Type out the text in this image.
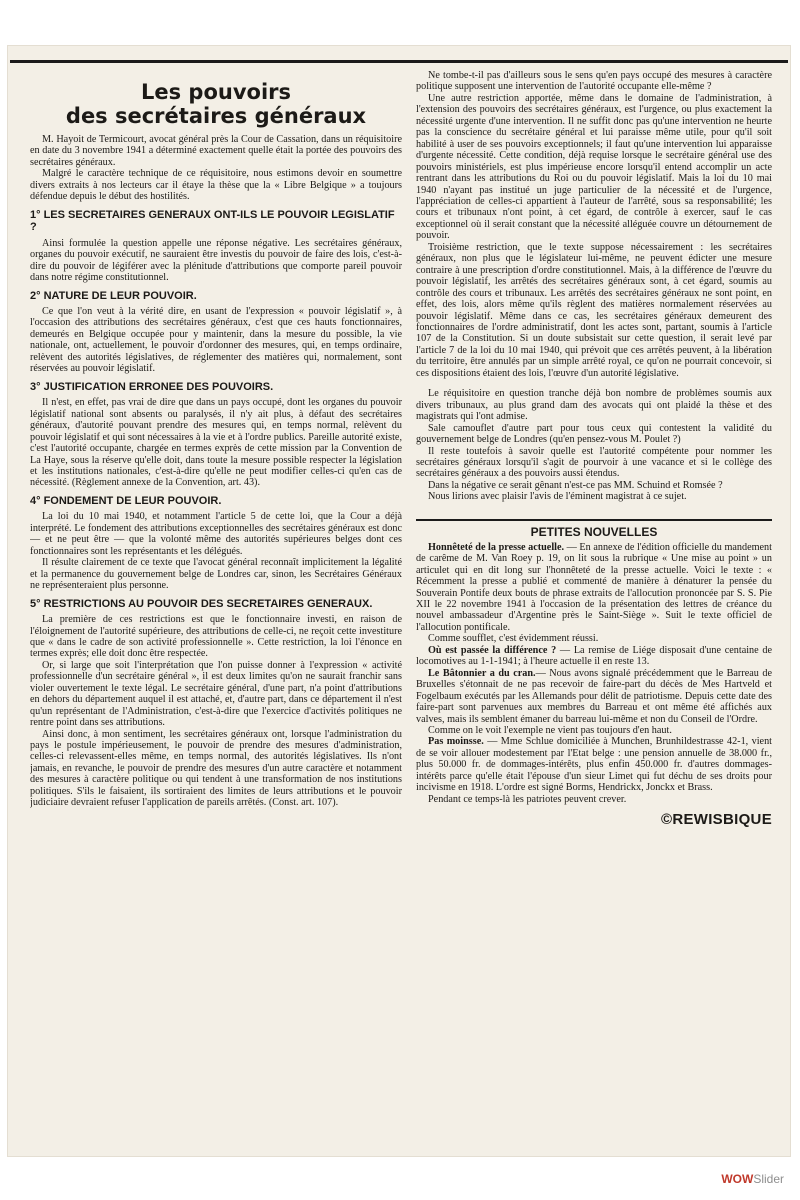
Les pouvoirs
des secrétaires généraux

M. Hayoit de Termicourt, avocat général près la Cour de Cassation, dans un réquisitoire en date du 3 novembre 1941 a déterminé exactement quelle était la portée des pouvoirs des secrétaires généraux.

Malgré le caractère technique de ce réquisitoire, nous estimons devoir en soumettre divers extraits à nos lecteurs car il étaye la thèse que la « Libre Belgique » a toujours défendue depuis le début des hostilités.

1° LES SECRETAIRES GENERAUX ONT-ILS LE POUVOIR LEGISLATIF ?

Ainsi formulée la question appelle une réponse négative. Les secrétaires généraux, organes du pouvoir exécutif, ne sauraient être investis du pouvoir de faire des lois, c'est-à-dire du pouvoir de légiférer avec la plénitude d'attributions que comporte pareil pouvoir dans notre régime constitutionnel.

2° NATURE DE LEUR POUVOIR.

Ce que l'on veut à la vérité dire, en usant de l'expression « pouvoir législatif », à l'occasion des attributions des secrétaires généraux, c'est que ces hauts fonctionnaires, demeurés en Belgique occupée pour y maintenir, dans la mesure du possible, la vie nationale, ont, actuellement, le pouvoir d'ordonner des mesures, qui, en temps ordinaire, relèvent des autorités législatives, de réglementer des matières qui, normalement, sont réservées au pouvoir législatif.

3° JUSTIFICATION ERRONEE DES POUVOIRS.

Il n'est, en effet, pas vrai de dire que dans un pays occupé, dont les organes du pouvoir législatif national sont absents ou paralysés, il n'y ait plus, à défaut des secrétaires généraux, d'autorité pouvant prendre des mesures qui, en temps normal, relèvent du pouvoir législatif et qui sont nécessaires à la vie et à l'ordre publics. Pareille autorité existe, c'est l'autorité occupante, chargée en termes exprès de cette mission par la Convention de La Haye, sous la réserve qu'elle doit, dans toute la mesure possible respecter la législation et les institutions nationales, c'est-à-dire qu'elle ne peut modifier celles-ci qu'en cas de nécessité. (Règlement annexe de la Convention, art. 43).

4° FONDEMENT DE LEUR POUVOIR.

La loi du 10 mai 1940, et notamment l'article 5 de cette loi, que la Cour a déjà interprété. Le fondement des attributions exceptionnelles des secrétaires généraux est donc — et ne peut être — que la volonté même des autorités supérieures belges dont ces fonctionnaires sont les représentants et les délégués.

Il résulte clairement de ce texte que l'avocat général reconnaît implicitement la légalité et la permanence du gouvernement belge de Londres car, sinon, les Secrétaires Généraux ne représenteraient plus personne.

5° RESTRICTIONS AU POUVOIR DES SECRETAIRES GENERAUX.

La première de ces restrictions est que le fonctionnaire investi, en raison de l'éloignement de l'autorité supérieure, des attributions de celle-ci, ne reçoit cette investiture que « dans le cadre de son activité professionnelle ». Cette restriction, la loi l'énonce en termes exprès; elle doit donc être respectée.

Or, si large que soit l'interprétation que l'on puisse donner à l'expression « activité professionnelle d'un secrétaire général », il est deux limites qu'on ne saurait franchir sans violer ouvertement le texte légal. Le secrétaire général, d'une part, n'a point d'attributions en dehors du département auquel il est attaché, et, d'autre part, dans ce département il n'est qu'un représentant de l'Administration, c'est-à-dire que l'exercice d'activités politiques ne rentre point dans ses attributions.

Ainsi donc, à mon sentiment, les secrétaires généraux ont, lorsque l'administration du pays le postule impérieusement, le pouvoir de prendre des mesures d'administration, celles-ci relevassent-elles même, en temps normal, des autorités législatives. Ils n'ont jamais, en revanche, le pouvoir de prendre des mesures d'un autre caractère et notamment des mesures à caractère politique ou qui tendent à une transformation de nos institutions politiques. S'ils le faisaient, ils sortiraient des limites de leurs attributions et le pouvoir judiciaire devraient refuser l'application de pareils arrêtés. (Const. art. 107).

Ne tombe-t-il pas d'ailleurs sous le sens qu'en pays occupé des mesures à caractère politique supposent une intervention de l'autorité occupante elle-même ?

Une autre restriction apportée, même dans le domaine de l'administration, à l'extension des pouvoirs des secrétaires généraux, est l'urgence, ou plus exactement la nécessité urgente d'une intervention. Il ne suffit donc pas qu'une intervention ne heurte pas la conscience du secrétaire général et lui paraisse même utile, pour qu'il soit habilité à user de ses pouvoirs exceptionnels; il faut qu'une intervention lui apparaisse d'urgente nécessité. Cette condition, déjà requise lorsque le secrétaire général use des pouvoirs ministériels, est plus impérieuse encore lorsqu'il entend accomplir un acte rentrant dans les attributions du Roi ou du pouvoir législatif. Mais la loi du 10 mai 1940 n'ayant pas institué un juge particulier de la nécessité et de l'urgence, l'appréciation de celles-ci appartient à l'auteur de l'arrêté, sous sa responsabilité; les cours et tribunaux n'ont point, à cet égard, de contrôle à exercer, sauf le cas exceptionnel où il serait constant que la nécessité alléguée couvre un détournement de pouvoir.

Troisième restriction, que le texte suppose nécessairement : les secrétaires généraux, non plus que le législateur lui-même, ne peuvent édicter une mesure contraire à une prescription d'ordre constitutionnel. Mais, à la différence de l'œuvre du pouvoir législatif, les arrêtés des secrétaires généraux sont, à cet égard, soumis au contrôle des cours et tribunaux. Les arrêtés des secrétaires généraux ne sont point, en effet, des lois, alors même qu'ils règlent des matières normalement réservées au pouvoir législatif. Même dans ce cas, les secrétaires généraux demeurent des fonctionnaires de l'ordre administratif, dont les actes sont, partant, soumis à l'article 107 de la Constitution. Si un doute subsistait sur cette question, il serait levé par l'article 7 de la loi du 10 mai 1940, qui prévoit que ces arrêtés peuvent, à la libération du territoire, être annulés par un simple arrêté royal, ce qu'on ne pourrait concevoir, si ces dispositions étaient des lois, l'œuvre d'un autorité législative.

Le réquisitoire en question tranche déjà bon nombre de problèmes soumis aux divers tribunaux, au plus grand dam des avocats qui ont plaidé la thèse et des magistrats qui l'ont admise.

Sale camouflet d'autre part pour tous ceux qui contestent la validité du gouvernement belge de Londres (qu'en pensez-vous M. Poulet ?)

Il reste toutefois à savoir quelle est l'autorité compétente pour nommer les secrétaires généraux lorsqu'il s'agit de pourvoir à une vacance et si le collège des secrétaires généraux a des pouvoirs aussi étendus.

Dans la négative ce serait gênant n'est-ce pas MM. Schuind et Romsée ?

Nous lirions avec plaisir l'avis de l'éminent magistrat à ce sujet.

PETITES NOUVELLES

Honnêteté de la presse actuelle. — En annexe de l'édition officielle du mandement de carême de M. Van Roey p. 19, on lit sous la rubrique « Une mise au point » un articulet qui en dit long sur l'honnêteté de la presse actuelle. Voici le texte : « Récemment la presse a publié et commenté de manière à dénaturer la pensée du Souverain Pontife deux bouts de phrase extraits de l'allocution prononcée par S. S. Pie XII le 22 novembre 1941 à l'occasion de la présentation des lettres de créance du nouvel ambassadeur d'Argentine près le Saint-Siège ». Suit le texte officiel de l'allocution pontificale.

Comme soufflet, c'est évidemment réussi.

Où est passée la différence ? — La remise de Liége disposait d'une centaine de locomotives au 1-1-1941; à l'heure actuelle il en reste 13.

Le Bâtonnier a du cran.— Nous avons signalé précédemment que le Barreau de Bruxelles s'étonnait de ne pas recevoir de faire-part du décès de Mes Hartveld et Fogelbaum exécutés par les Allemands pour délit de patriotisme. Depuis cette date des faire-part sont parvenues aux membres du Barreau et ont même été affichés aux valves, mais ils semblent émaner du barreau lui-même et non du Conseil de l'Ordre.

Comme on le voit l'exemple ne vient pas toujours d'en haut.

Pas moinsse. — Mme Schlue domiciliée à Munchen, Brunhildestrasse 42-1, vient de se voir allouer modestement par l'Etat belge : une pension annuelle de 38.000 fr., plus 50.000 fr. de dommages-intérêts, plus enfin 450.000 fr. d'autres dommages-intérêts parce qu'elle était l'épouse d'un sieur Limet qui fut déchu de ses droits pour incivisme en 1918. L'ordre est signé Borms, Hendrickx, Jonckx et Brass.

Pendant ce temps-là les patriotes peuvent crever.

©REWISBIQUE
WOWSlider
